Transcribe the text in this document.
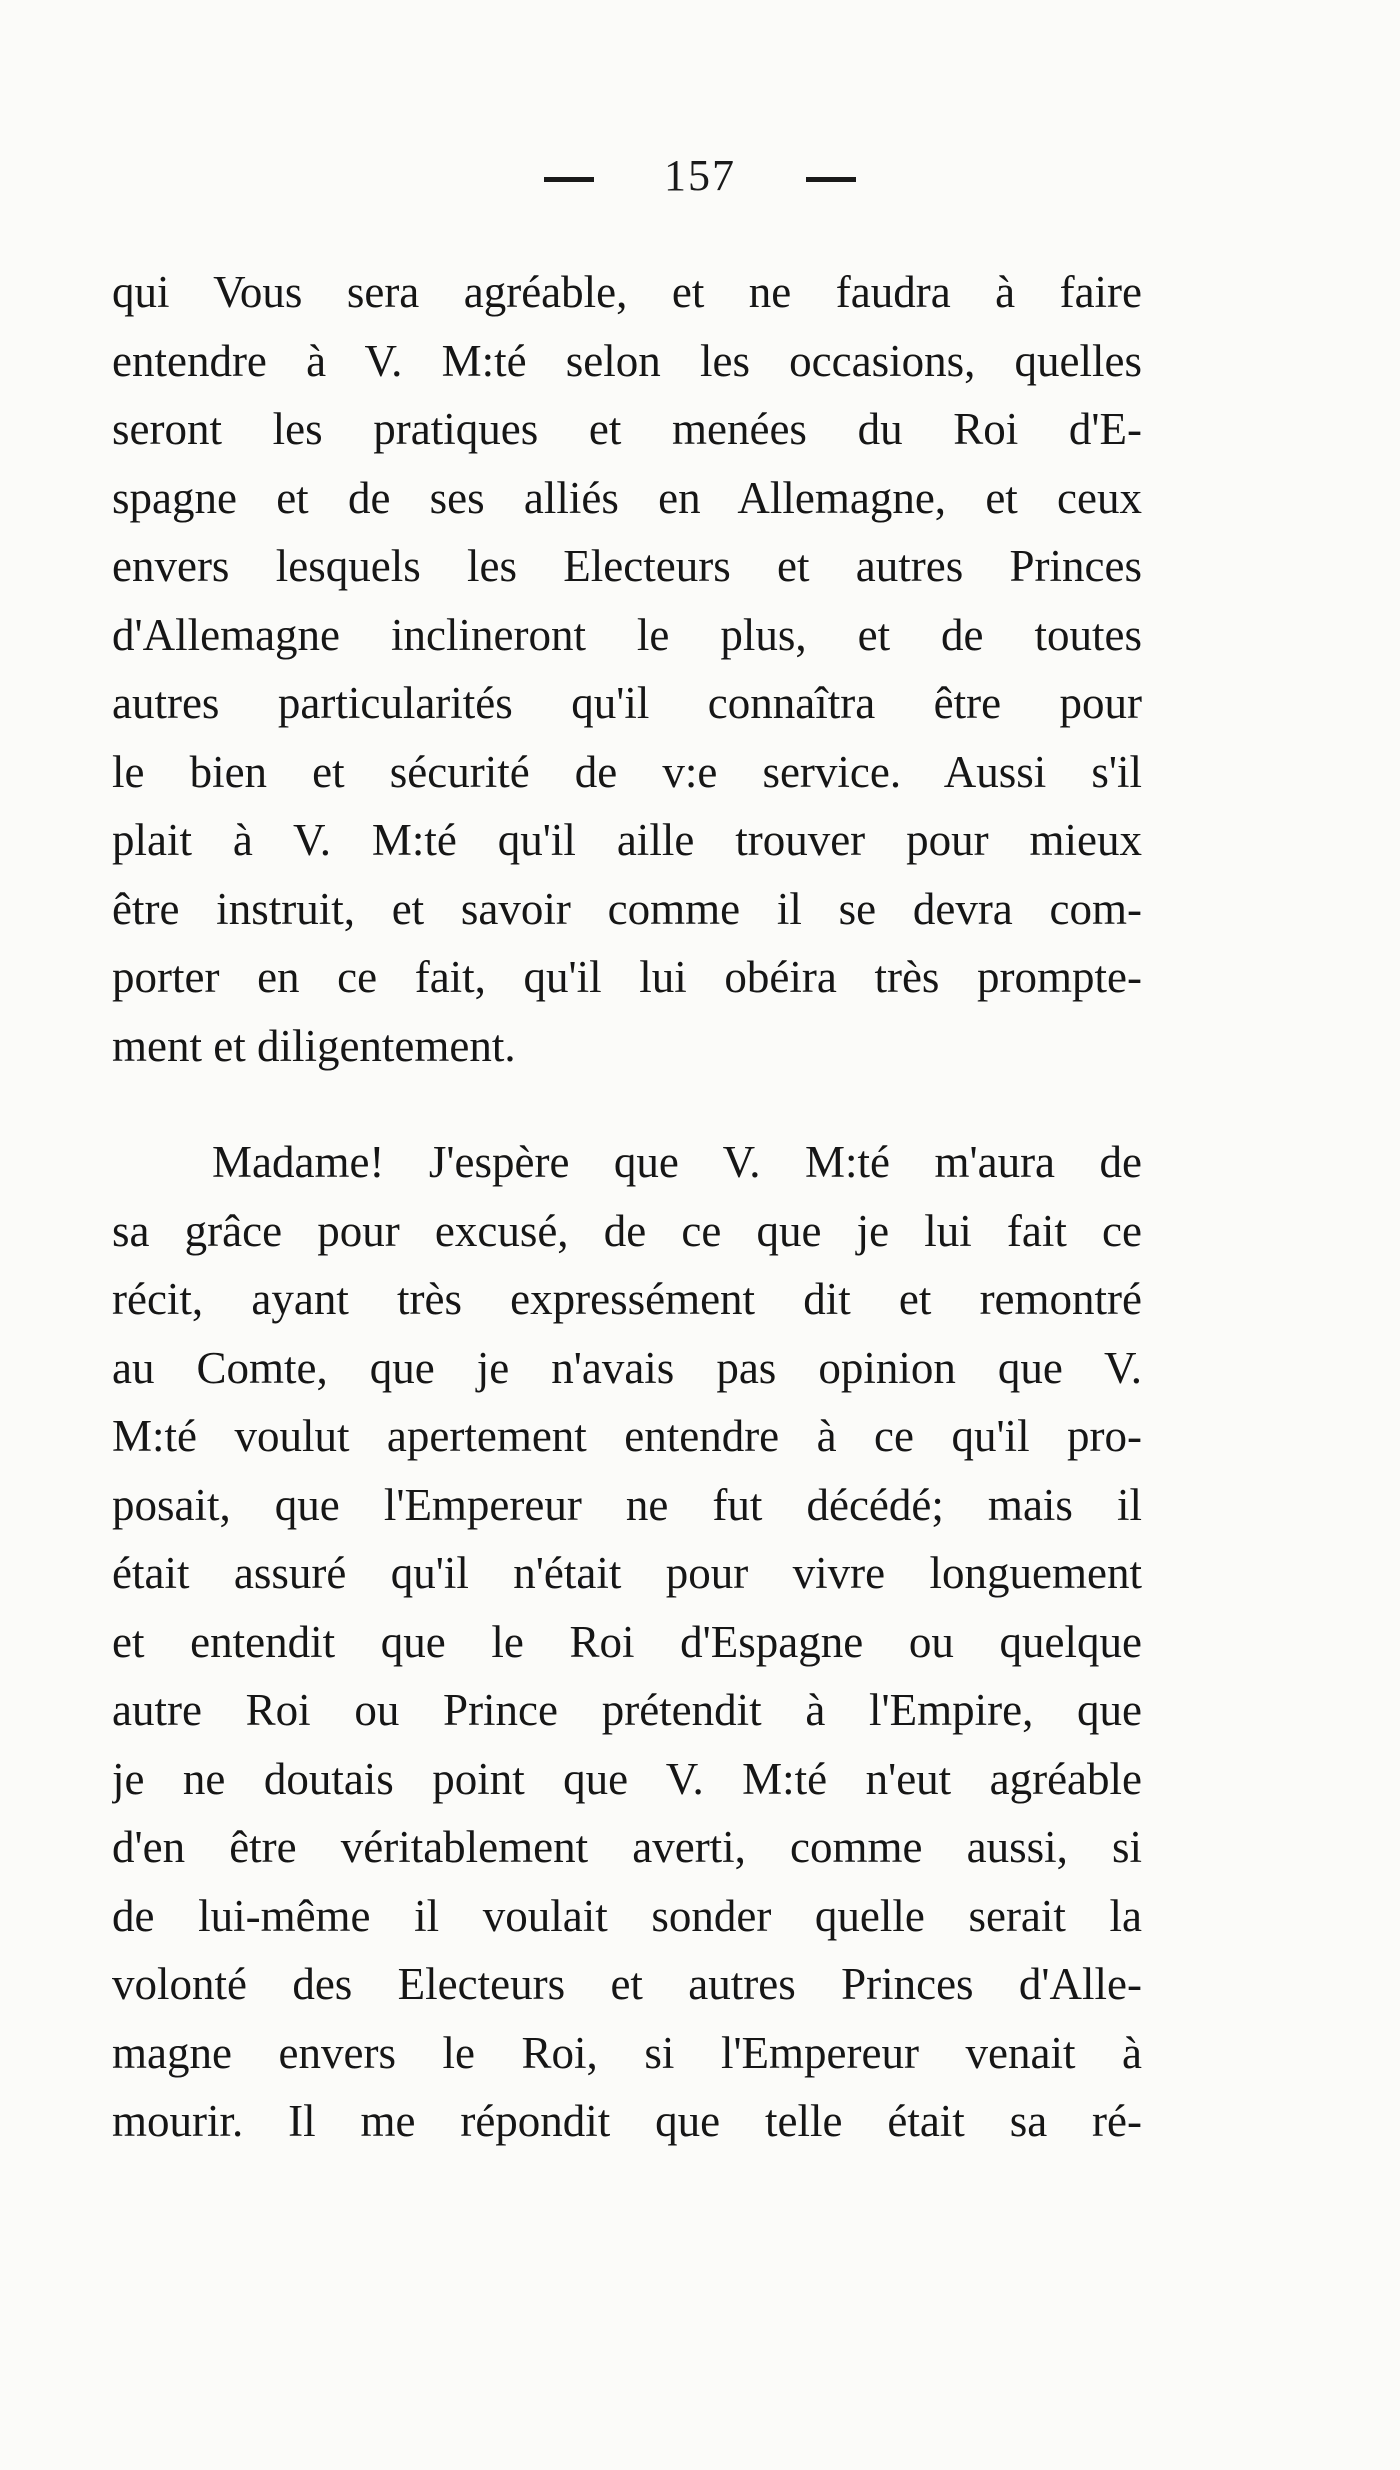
157
qui Vous sera agréable, et ne faudra à faire
entendre à V. M:té selon les occasions, quelles
seront les pratiques et menées du Roi d'E-
spagne et de ses alliés en Allemagne, et ceux
envers lesquels les Electeurs et autres Princes
d'Allemagne inclineront le plus, et de toutes
autres particularités qu'il connaîtra être pour
le bien et sécurité de v:e service. Aussi s'il
plait à V. M:té qu'il aille trouver pour mieux
être instruit, et savoir comme il se devra com-
porter en ce fait, qu'il lui obéira très prompte-
ment et diligentement.
Madame! J'espère que V. M:té m'aura de
sa grâce pour excusé, de ce que je lui fait ce
récit, ayant très expressément dit et remontré
au Comte, que je n'avais pas opinion que V.
M:té voulut apertement entendre à ce qu'il pro-
posait, que l'Empereur ne fut décédé; mais il
était assuré qu'il n'était pour vivre longuement
et entendit que le Roi d'Espagne ou quelque
autre Roi ou Prince prétendit à l'Empire, que
je ne doutais point que V. M:té n'eut agréable
d'en être véritablement averti, comme aussi, si
de lui-même il voulait sonder quelle serait la
volonté des Electeurs et autres Princes d'Alle-
magne envers le Roi, si l'Empereur venait à
mourir. Il me répondit que telle était sa ré-
